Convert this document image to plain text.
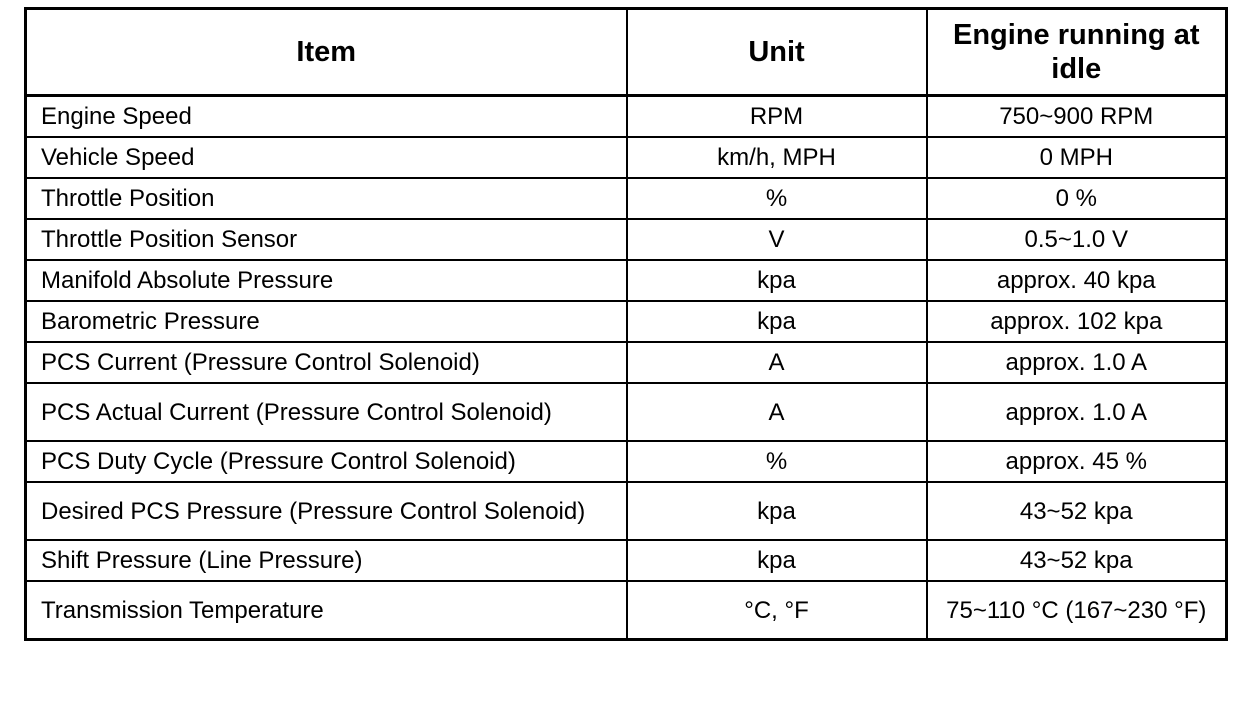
Item	Unit	Engine running at idle
Engine Speed	RPM	750~900 RPM
Vehicle Speed	km/h, MPH	0 MPH
Throttle Position	%	0 %
Throttle Position Sensor	V	0.5~1.0 V
Manifold Absolute Pressure	kpa	approx. 40 kpa
Barometric Pressure	kpa	approx. 102 kpa
PCS Current (Pressure Control Solenoid)	A	approx. 1.0 A
PCS Actual Current (Pressure Control Solenoid)	A	approx. 1.0 A
PCS Duty Cycle (Pressure Control Solenoid)	%	approx. 45 %
Desired PCS Pressure (Pressure Control Solenoid)	kpa	43~52 kpa
Shift Pressure (Line Pressure)	kpa	43~52 kpa
Transmission Temperature	°C, °F	75~110 °C (167~230 °F)
